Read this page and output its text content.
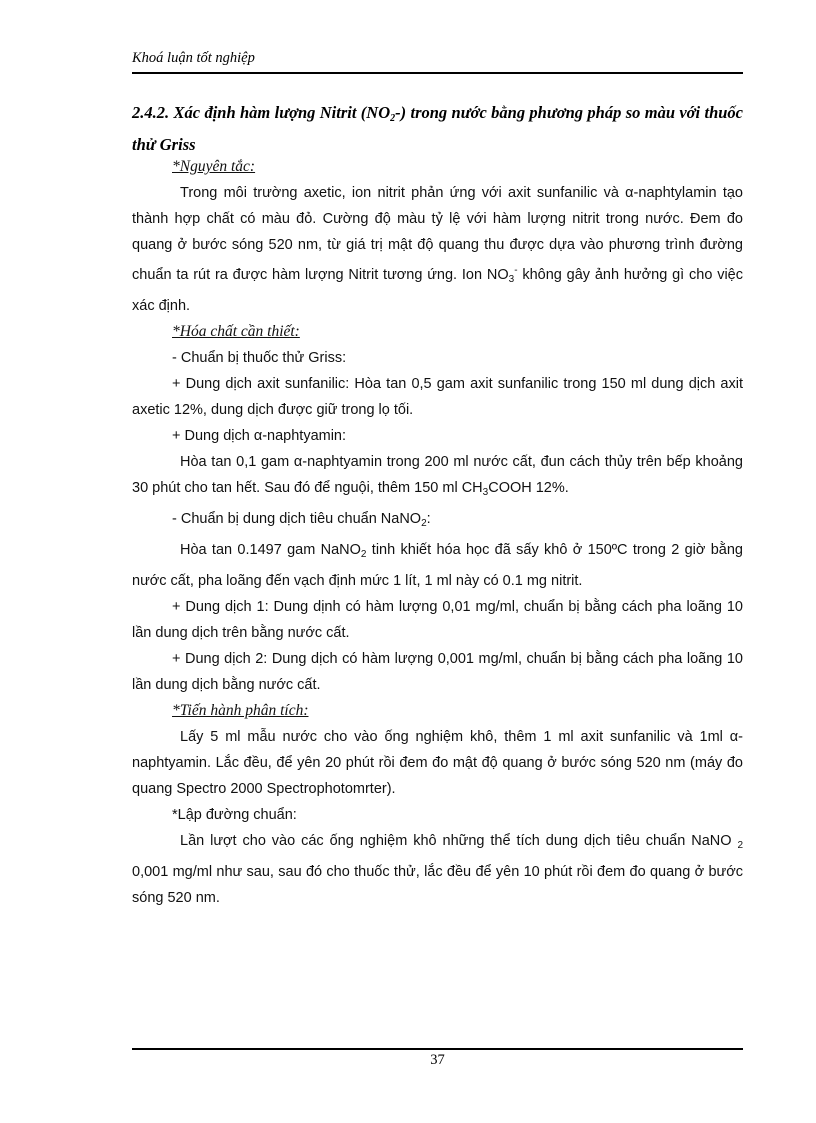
Khoá luận tốt nghiệp
2.4.2. Xác định hàm lượng Nitrit $(NO_2-)$ trong nước bằng phương pháp so màu với thuốc thử Griss

*Nguyên tắc:

Trong môi trường axetic, ion nitrit phản ứng với axit sunfanilic và α-naphtylamin tạo thành hợp chất có màu đỏ. Cường độ màu tỷ lệ với hàm lượng nitrit trong nước. Đem đo quang ở bước sóng 520 nm, từ giá trị mật độ quang thu được dựa vào phương trình đường chuẩn ta rút ra được hàm lượng Nitrit tương ứng. Ion $NO_3^-$ không gây ảnh hưởng gì cho việc xác định.

*Hóa chất cần thiết:

- Chuẩn bị thuốc thử Griss:

+ Dung dịch axit sunfanilic: Hòa tan 0,5 gam axit sunfanilic trong 150 ml dung dịch axit axetic 12%, dung dịch được giữ trong lọ tối.

+ Dung dịch α-naphtyamin:

Hòa tan 0,1 gam α-naphtyamin trong 200 ml nước cất, đun cách thủy trên bếp khoảng 30 phút cho tan hết. Sau đó để nguội, thêm 150 ml $CH_3COOH$ 12%.

- Chuẩn bị dung dịch tiêu chuẩn NaNO$_2$:

Hòa tan 0.1497 gam NaNO$_2$ tinh khiết hóa học đã sấy khô ở 150ºC trong 2 giờ bằng nước cất, pha loãng đến vạch định mức 1 lít, 1 ml này có 0.1 mg nitrit.

+ Dung dịch 1: Dung dịnh có hàm lượng 0,01 mg/ml, chuẩn bị bằng cách pha loãng 10 lần dung dịch trên bằng nước cất.

+ Dung dịch 2: Dung dịch có hàm lượng 0,001 mg/ml, chuẩn bị bằng cách pha loãng 10 lần dung dịch bằng nước cất.

*Tiến hành phân tích:

Lấy 5 ml mẫu nước cho vào ống nghiệm khô, thêm 1 ml axit sunfanilic và 1ml α-naphtyamin. Lắc đều, để yên 20 phút rồi đem đo mật độ quang ở bước sóng 520 nm (máy đo quang Spectro 2000 Spectrophotomrter).

*Lập đường chuẩn:

Lần lượt cho vào các ống nghiệm khô những thể tích dung dịch tiêu chuẩn NaNO $_2$ 0,001 mg/ml như sau, sau đó cho thuốc thử, lắc đều để yên 10 phút rồi đem đo quang ở bước sóng 520 nm.

37
